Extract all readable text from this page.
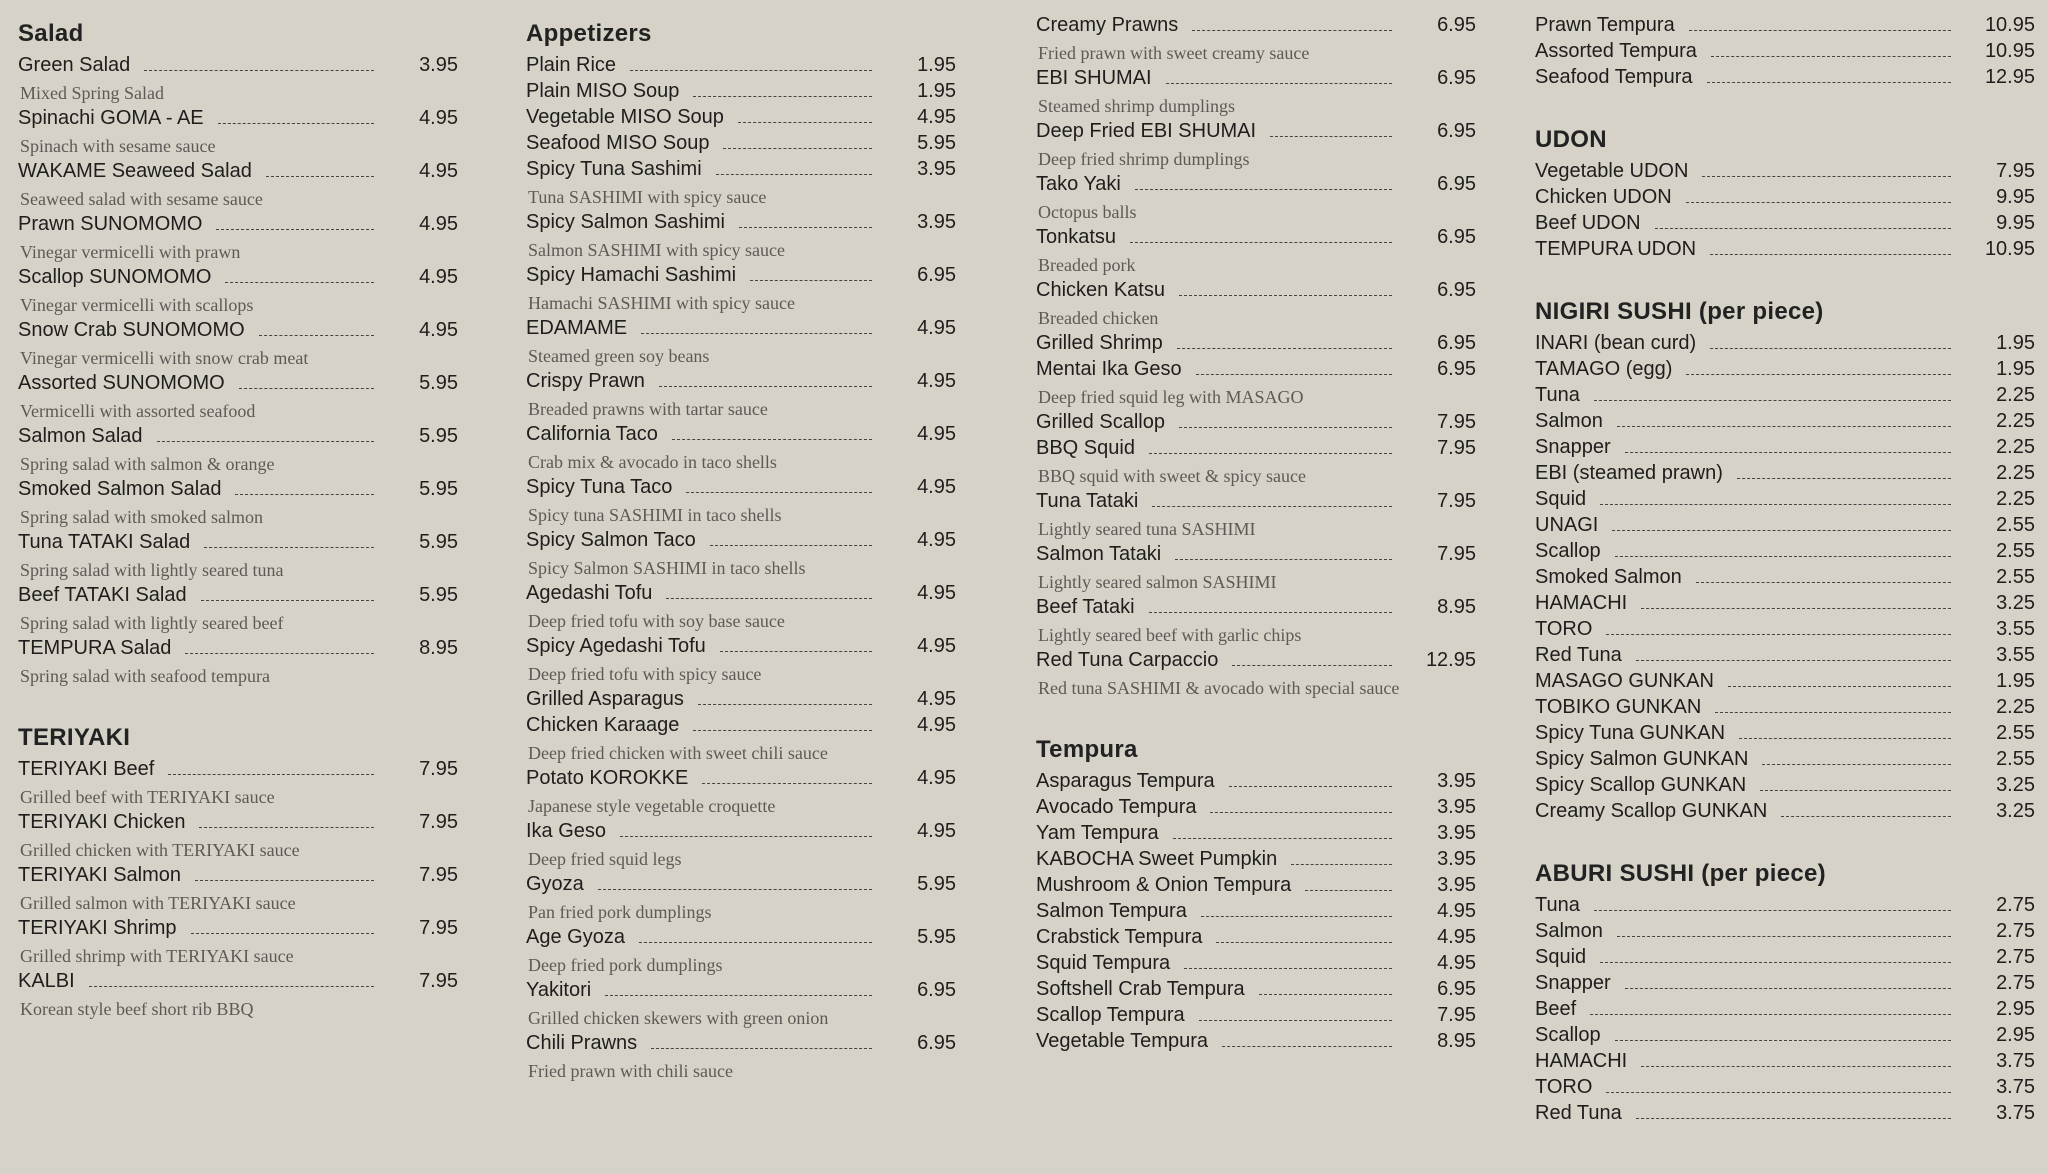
Salad
Green Salad	3.95
Mixed Spring Salad
Spinachi GOMA - AE	4.95
Spinach with sesame sauce
WAKAME Seaweed Salad	4.95
Seaweed salad with sesame sauce
Prawn SUNOMOMO	4.95
Vinegar vermicelli with prawn
Scallop SUNOMOMO	4.95
Vinegar vermicelli with scallops
Snow Crab SUNOMOMO	4.95
Vinegar vermicelli with snow crab meat
Assorted SUNOMOMO	5.95
Vermicelli with assorted seafood
Salmon Salad	5.95
Spring salad with salmon & orange
Smoked Salmon Salad	5.95
Spring salad with smoked salmon
Tuna TATAKI Salad	5.95
Spring salad with lightly seared tuna
Beef TATAKI Salad	5.95
Spring salad with lightly seared beef
TEMPURA Salad	8.95
Spring salad with seafood tempura
TERIYAKI
TERIYAKI Beef	7.95
Grilled beef with TERIYAKI sauce
TERIYAKI Chicken	7.95
Grilled chicken with TERIYAKI sauce
TERIYAKI Salmon	7.95
Grilled salmon with TERIYAKI sauce
TERIYAKI Shrimp	7.95
Grilled shrimp with TERIYAKI sauce
KALBI	7.95
Korean style beef short rib BBQ
Appetizers
Plain Rice	1.95
Plain MISO Soup	1.95
Vegetable MISO Soup	4.95
Seafood MISO Soup	5.95
Spicy Tuna Sashimi	3.95
Tuna SASHIMI with spicy sauce
Spicy Salmon Sashimi	3.95
Salmon SASHIMI with spicy sauce
Spicy Hamachi Sashimi	6.95
Hamachi SASHIMI with spicy sauce
EDAMAME	4.95
Steamed green soy beans
Crispy Prawn	4.95
Breaded prawns with tartar sauce
California Taco	4.95
Crab mix & avocado in taco shells
Spicy Tuna Taco	4.95
Spicy tuna SASHIMI in taco shells
Spicy Salmon Taco	4.95
Spicy Salmon SASHIMI in taco shells
Agedashi Tofu	4.95
Deep fried tofu with soy base sauce
Spicy Agedashi Tofu	4.95
Deep fried tofu with spicy sauce
Grilled Asparagus	4.95
Chicken Karaage	4.95
Deep fried chicken with sweet chili sauce
Potato KOROKKE	4.95
Japanese style vegetable croquette
Ika Geso	4.95
Deep fried squid legs
Gyoza	5.95
Pan fried pork dumplings
Age Gyoza	5.95
Deep fried pork dumplings
Yakitori	6.95
Grilled chicken skewers with green onion
Chili Prawns	6.95
Fried prawn with chili sauce
Creamy Prawns	6.95
Fried prawn with sweet creamy sauce
EBI SHUMAI	6.95
Steamed shrimp dumplings
Deep Fried EBI SHUMAI	6.95
Deep fried shrimp dumplings
Tako Yaki	6.95
Octopus balls
Tonkatsu	6.95
Breaded pork
Chicken Katsu	6.95
Breaded chicken
Grilled Shrimp	6.95
Mentai Ika Geso	6.95
Deep fried squid leg with MASAGO
Grilled Scallop	7.95
BBQ Squid	7.95
BBQ squid with sweet & spicy sauce
Tuna Tataki	7.95
Lightly seared tuna SASHIMI
Salmon Tataki	7.95
Lightly seared salmon SASHIMI
Beef Tataki	8.95
Lightly seared beef with garlic chips
Red Tuna Carpaccio	12.95
Red tuna SASHIMI & avocado with special sauce
Tempura
Asparagus Tempura	3.95
Avocado Tempura	3.95
Yam Tempura	3.95
KABOCHA Sweet Pumpkin	3.95
Mushroom & Onion Tempura	3.95
Salmon Tempura	4.95
Crabstick Tempura	4.95
Squid Tempura	4.95
Softshell Crab Tempura	6.95
Scallop Tempura	7.95
Vegetable Tempura	8.95
Prawn Tempura	10.95
Assorted Tempura	10.95
Seafood Tempura	12.95
UDON
Vegetable UDON	7.95
Chicken UDON	9.95
Beef UDON	9.95
TEMPURA UDON	10.95
NIGIRI SUSHI (per piece)
INARI (bean curd)	1.95
TAMAGO (egg)	1.95
Tuna	2.25
Salmon	2.25
Snapper	2.25
EBI (steamed prawn)	2.25
Squid	2.25
UNAGI	2.55
Scallop	2.55
Smoked Salmon	2.55
HAMACHI	3.25
TORO	3.55
Red Tuna	3.55
MASAGO GUNKAN	1.95
TOBIKO GUNKAN	2.25
Spicy Tuna GUNKAN	2.55
Spicy Salmon GUNKAN	2.55
Spicy Scallop GUNKAN	3.25
Creamy Scallop GUNKAN	3.25
ABURI SUSHI (per piece)
Tuna	2.75
Salmon	2.75
Squid	2.75
Snapper	2.75
Beef	2.95
Scallop	2.95
HAMACHI	3.75
TORO	3.75
Red Tuna	3.75
